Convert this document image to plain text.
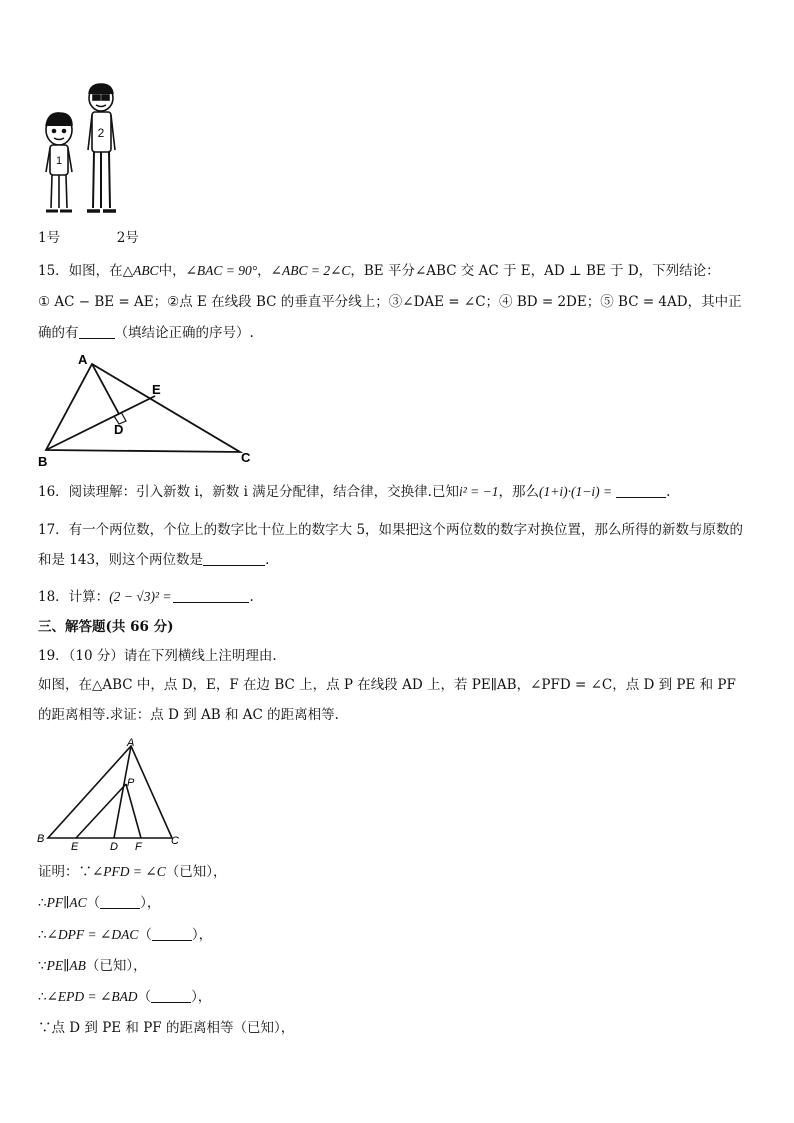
1
2
1号	2号
15．如图，在△ABC中，∠BAC = 90°，∠ABC = 2∠C，BE 平分∠ABC 交 AC 于 E，AD ⊥ BE 于 D，下列结论：
① AC − BE = AE；②点 E 在线段 BC 的垂直平分线上；③∠DAE = ∠C；④ BD = 2DE；⑤ BC = 4AD，其中正
确的有	（填结论正确的序号）.
A
B	C
D
E
16．阅读理解：引入新数 i，新数 i 满足分配律，结合律，交换律.已知i² = −1，那么(1+i)·(1−i) =	.
17．有一个两位数，个位上的数字比十位上的数字大 5，如果把这个两位数的数字对换位置，那么所得的新数与原数的
和是 143，则这个两位数是	.
18．计算：(2 − √3)² =	.
三、解答题(共 66 分)
19．（10 分）请在下列横线上注明理由.
如图，在△ABC 中，点 D，E，F 在边 BC 上，点 P 在线段 AD 上，若 PE∥AB，∠PFD = ∠C，点 D 到 PE 和 PF
的距离相等.求证：点 D 到 AB 和 AC 的距离相等.
A
P
B	C
E	D F
证明：∵∠PFD = ∠C（已知），
∴PF∥AC（	），
∴∠DPF = ∠DAC（	），
∵PE∥AB（已知），
∴∠EPD = ∠BAD（	），
∵点 D 到 PE 和 PF 的距离相等（已知），
